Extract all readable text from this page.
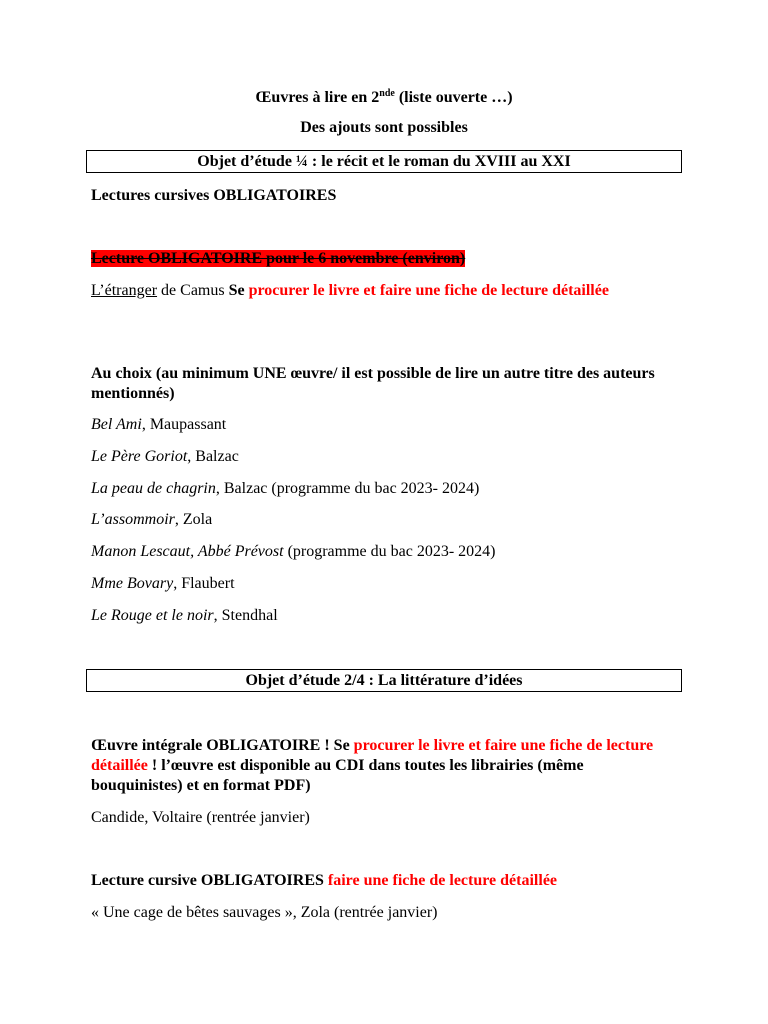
Œuvres à lire en 2nde (liste ouverte …)

Des ajouts sont possibles

Objet d’étude ¼ : le récit et le roman du XVIII au XXI

Lectures cursives OBLIGATOIRES

Lecture OBLIGATOIRE pour le 6 novembre (environ)

L’étranger de Camus Se procurer le livre et faire une fiche de lecture détaillée

Au choix (au minimum UNE œuvre/ il est possible de lire un autre titre des auteurs mentionnés)

Bel Ami, Maupassant

Le Père Goriot, Balzac

La peau de chagrin, Balzac (programme du bac 2023- 2024)

L’assommoir, Zola

Manon Lescaut, Abbé Prévost (programme du bac 2023- 2024)

Mme Bovary, Flaubert

Le Rouge et le noir, Stendhal

Objet d’étude 2/4 : La littérature d’idées

Œuvre intégrale OBLIGATOIRE ! Se procurer le livre et faire une fiche de lecture détaillée ! l’œuvre est disponible au CDI dans toutes les librairies (même bouquinistes) et en format PDF)

Candide, Voltaire (rentrée janvier)

Lecture cursive OBLIGATOIRES faire une fiche de lecture détaillée

« Une cage de bêtes sauvages », Zola (rentrée janvier)
